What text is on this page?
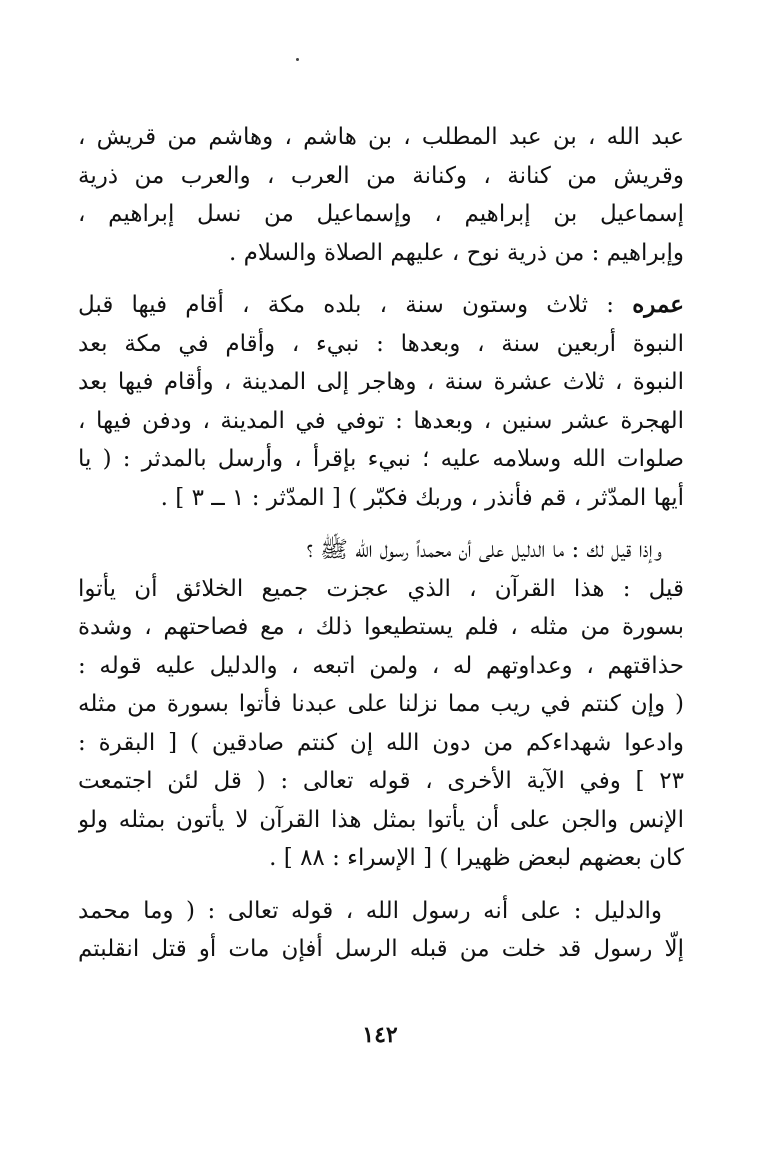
عبد الله ، بن عبد المطلب ، بن هاشم ، وهاشم من قريش ،
وقريش من كنانة ، وكنانة من العرب ، والعرب من ذرية
إسماعيل بن إبراهيم ، وإسماعيل من نسل إبراهيم ،
وإبراهيم : من ذرية نوح ، عليهم الصلاة والسلام .
عمره : ثلاث وستون سنة ، بلده مكة ، أقام فيها قبل
النبوة أربعين سنة ، وبعدها : نبيء ، وأقام في مكة بعد
النبوة ، ثلاث عشرة سنة ، وهاجر إلى المدينة ، وأقام فيها بعد
الهجرة عشر سنين ، وبعدها : توفي في المدينة ، ودفن فيها ،
صلوات الله وسلامه عليه ؛ نبيء بإقرأ ، وأرسل بالمدثر : ( يا
أيها المدّثر ، قم فأنذر ، وربك فكبّر ) [ المدّثر : ١ ــ ٣ ] .
وإذا قيل لك : ما الدليل على أن محمداً رسول الله ﷺ ؟
قيل : هذا القرآن ، الذي عجزت جميع الخلائق أن يأتوا
بسورة من مثله ، فلم يستطيعوا ذلك ، مع فصاحتهم ، وشدة
حذاقتهم ، وعداوتهم له ، ولمن اتبعه ، والدليل عليه قوله :
( وإن كنتم في ريب مما نزلنا على عبدنا فأتوا بسورة من مثله
وادعوا شهداءكم من دون الله إن كنتم صادقين ) [ البقرة :
٢٣ ] وفي الآية الأخرى ، قوله تعالى : ( قل لئن اجتمعت
الإنس والجن على أن يأتوا بمثل هذا القرآن لا يأتون بمثله ولو
كان بعضهم لبعض ظهيرا ) [ الإسراء : ٨٨ ] .
والدليل : على أنه رسول الله ، قوله تعالى : ( وما محمد
إلّا رسول قد خلت من قبله الرسل أفإن مات أو قتل انقلبتم
١٤٢
